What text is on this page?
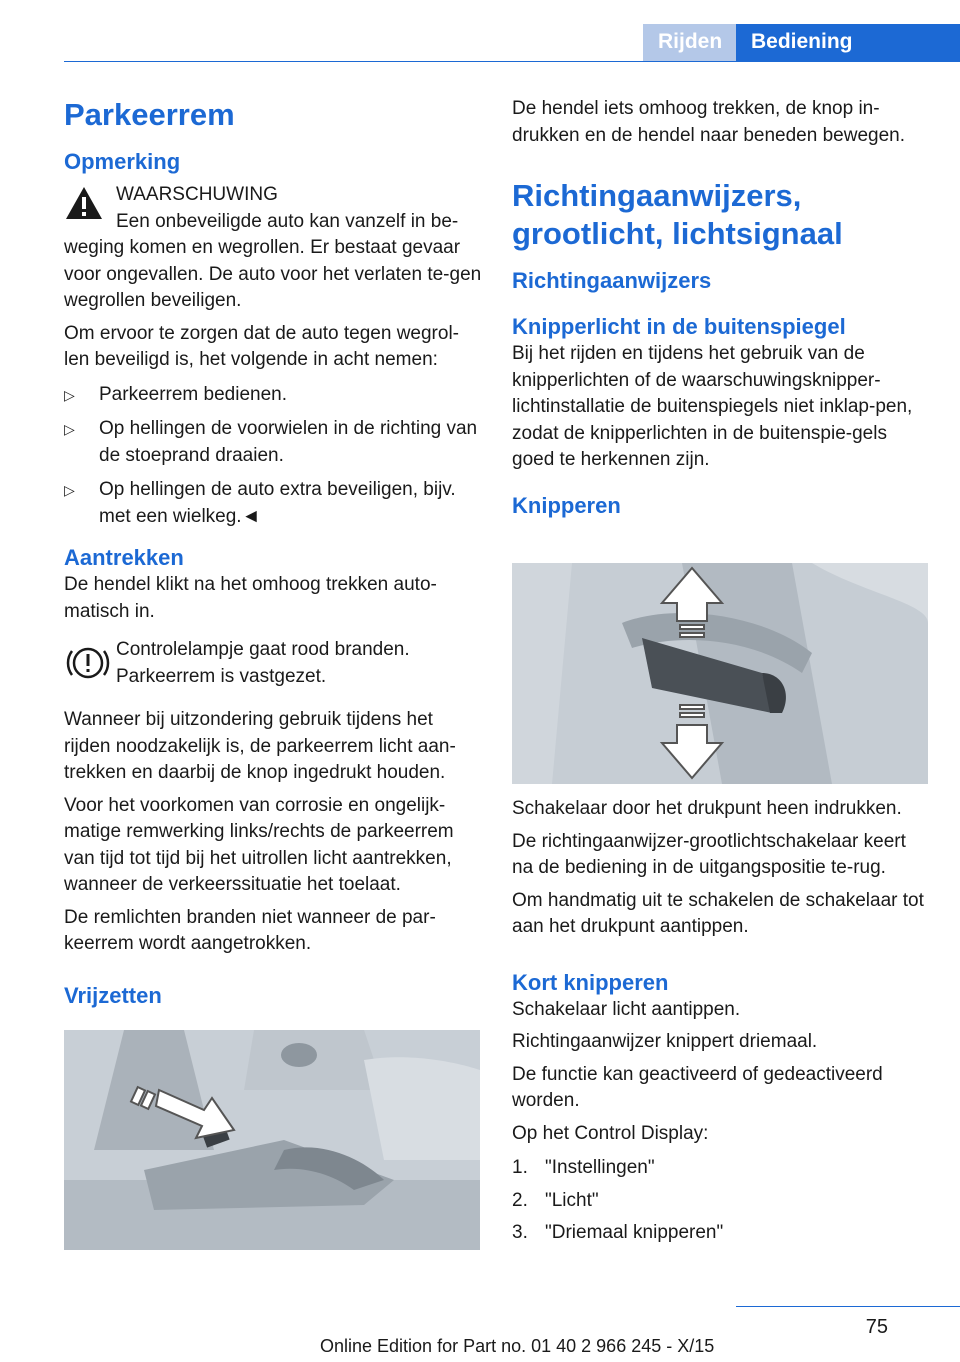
Rijden Bediening
Parkeerrem
Opmerking
WAARSCHUWING

Een onbeveiligde auto kan vanzelf in be-weging komen en wegrollen. Er bestaat gevaar voor ongevallen. De auto voor het verlaten te-gen wegrollen beveiligen.

Om ervoor te zorgen dat de auto tegen wegrol-len beveiligd is, het volgende in acht nemen:

▷ Parkeerrem bedienen.
▷ Op hellingen de voorwielen in de richting van de stoeprand draaien.
▷ Op hellingen de auto extra beveiligen, bijv. met een wielkeg.◄
Aantrekken

De hendel klikt na het omhoog trekken auto-matisch in.

Controlelampje gaat rood branden. Parkeerrem is vastgezet.

Wanneer bij uitzondering gebruik tijdens het rijden noodzakelijk is, de parkeerrem licht aan-trekken en daarbij de knop ingedrukt houden.

Voor het voorkomen van corrosie en ongelijk-matige remwerking links/rechts de parkeerrem van tijd tot tijd bij het uitrollen licht aantrekken, wanneer de verkeerssituatie het toelaat.

De remlichten branden niet wanneer de par-keerrem wordt aangetrokken.

Vrijzetten

De hendel iets omhoog trekken, de knop in-drukken en de hendel naar beneden bewegen.

Richtingaanwijzers, grootlicht, lichtsignaal
Richtingaanwijzers
Knipperlicht in de buitenspiegel

Bij het rijden en tijdens het gebruik van de knipperlichten of de waarschuwingsknipper-lichtinstallatie de buitenspiegels niet inklap-pen, zodat de knipperlichten in de buitenspie-gels goed te herkennen zijn.

Knipperen

Schakelaar door het drukpunt heen indrukken.

De richtingaanwijzer-grootlichtschakelaar keert na de bediening in de uitgangspositie te-rug.

Om handmatig uit te schakelen de schakelaar tot aan het drukpunt aantippen.

Kort knipperen

Schakelaar licht aantippen.

Richtingaanwijzer knippert driemaal.

De functie kan geactiveerd of gedeactiveerd worden.

Op het Control Display:

1. "Instellingen"
2. "Licht"
3. "Driemaal knipperen"
75
Online Edition for Part no. 01 40 2 966 245 - X/15
